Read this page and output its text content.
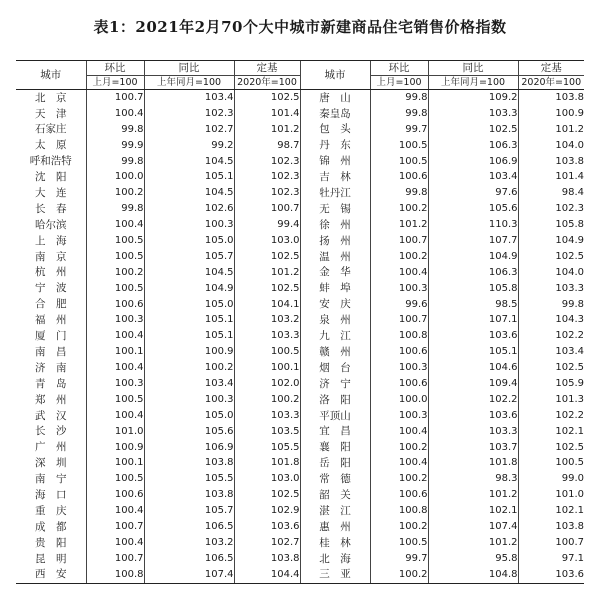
表1：2021年2月70个大中城市新建商品住宅销售价格指数
城市	环比	同比	定基	城市	环比	同比	定基
	上月=100	上年同月=100	2020年=100		上月=100	上年同月=100	2020年=100
北　京	100.7	103.4	102.5	唐　山	99.8	109.2	103.8
天　津	100.4	102.3	101.4	秦皇岛	99.8	103.3	100.9
石家庄	99.8	102.7	101.2	包　头	99.7	102.5	101.2
太　原	99.9	99.2	98.7	丹　东	100.5	106.3	104.0
呼和浩特	99.8	104.5	102.3	锦　州	100.5	106.9	103.8
沈　阳	100.0	105.1	102.3	吉　林	100.6	103.4	101.4
大　连	100.2	104.5	102.3	牡丹江	99.8	97.6	98.4
长　春	99.8	102.6	100.7	无　锡	100.2	105.6	102.3
哈尔滨	100.4	100.3	99.4	徐　州	101.2	110.3	105.8
上　海	100.5	105.0	103.0	扬　州	100.7	107.7	104.9
南　京	100.5	105.7	102.5	温　州	100.2	104.9	102.5
杭　州	100.2	104.5	101.2	金　华	100.4	106.3	104.0
宁　波	100.5	104.9	102.5	蚌　埠	100.3	105.8	103.3
合　肥	100.6	105.0	104.1	安　庆	99.6	98.5	99.8
福　州	100.3	105.1	103.2	泉　州	100.7	107.1	104.3
厦　门	100.4	105.1	103.3	九　江	100.8	103.6	102.2
南　昌	100.1	100.9	100.5	赣　州	100.6	105.1	103.4
济　南	100.4	100.2	100.1	烟　台	100.3	104.6	102.5
青　岛	100.3	103.4	102.0	济　宁	100.6	109.4	105.9
郑　州	100.5	100.3	100.2	洛　阳	100.0	102.2	101.3
武　汉	100.4	105.0	103.3	平顶山	100.3	103.6	102.2
长　沙	101.0	105.6	103.5	宜　昌	100.4	103.3	102.1
广　州	100.9	106.9	105.5	襄　阳	100.2	103.7	102.5
深　圳	100.1	103.8	101.8	岳　阳	100.4	101.8	100.5
南　宁	100.5	105.5	103.0	常　德	100.2	98.3	99.0
海　口	100.6	103.8	102.5	韶　关	100.6	101.2	101.0
重　庆	100.4	105.7	102.9	湛　江	100.8	102.1	102.1
成　都	100.7	106.5	103.6	惠　州	100.2	107.4	103.8
贵　阳	100.4	103.2	102.7	桂　林	100.5	101.2	100.7
昆　明	100.7	106.5	103.8	北　海	99.7	95.8	97.1
西　安	100.8	107.4	104.4	三　亚	100.2	104.8	103.6
